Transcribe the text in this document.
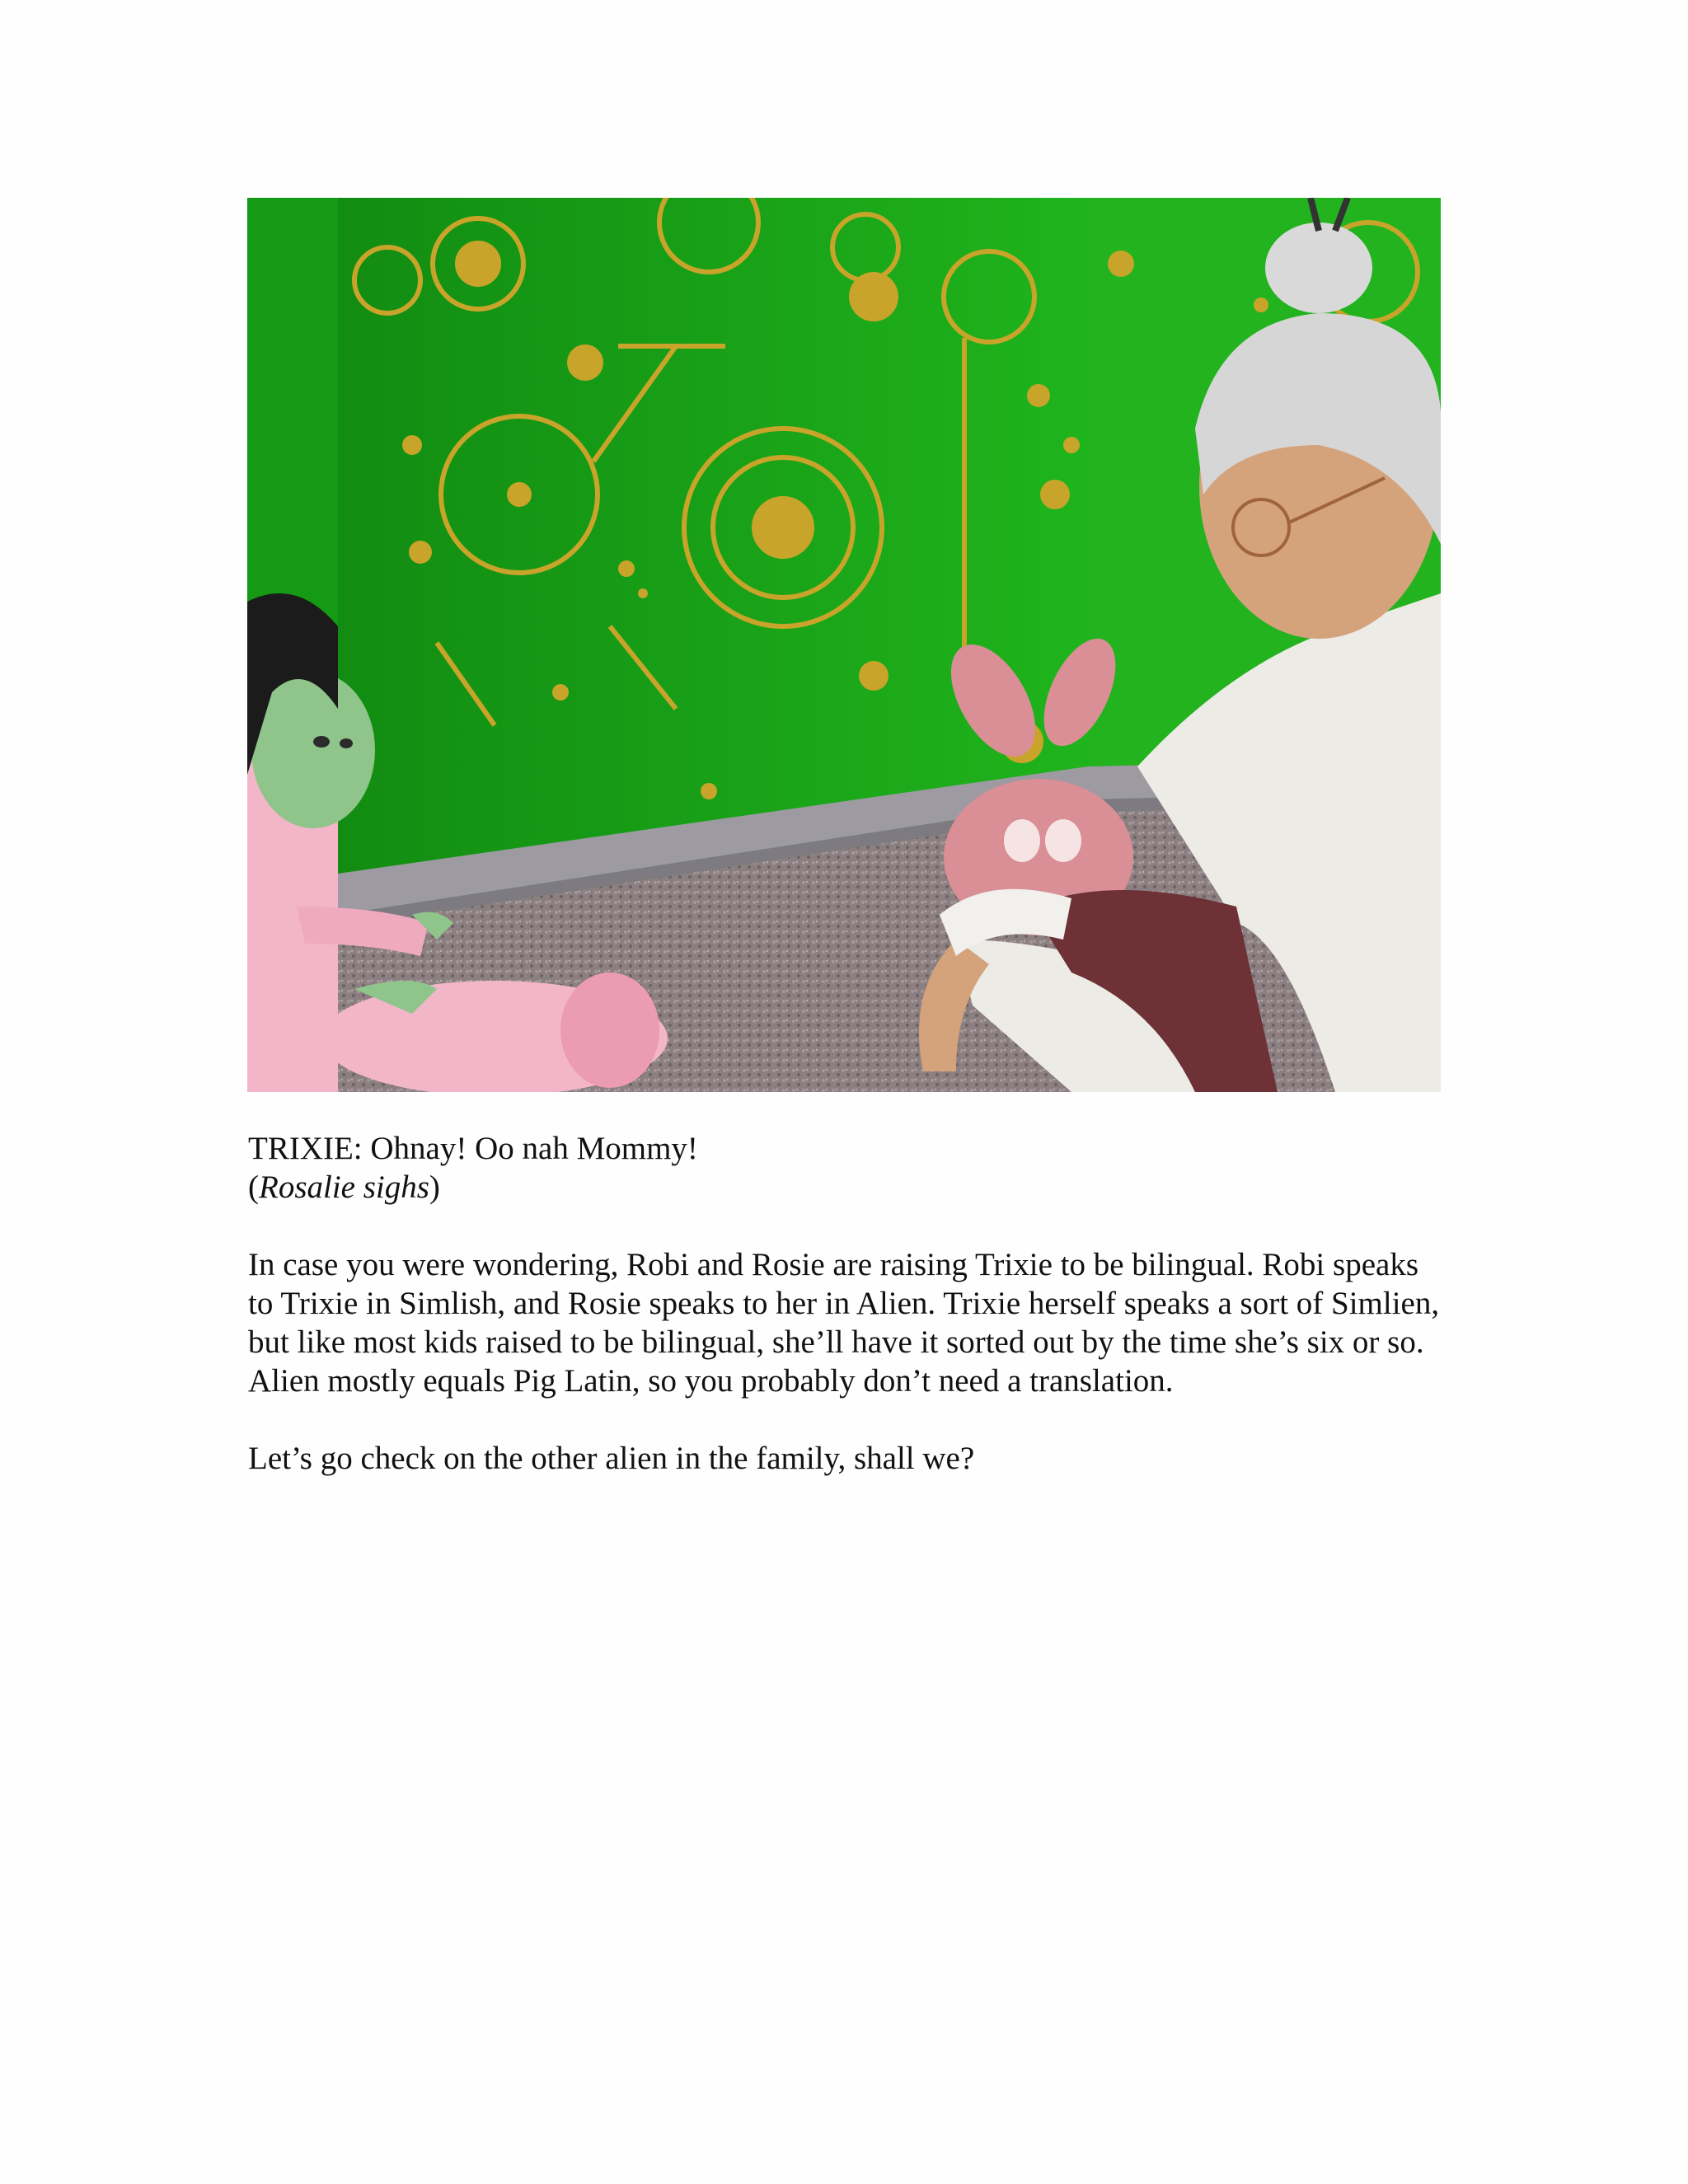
TRIXIE: Ohnay! Oo nah Mommy!

(Rosalie sighs)

In case you were wondering, Robi and Rosie are raising Trixie to be bilingual. Robi speaks to Trixie in Simlish, and Rosie speaks to her in Alien. Trixie herself speaks a sort of Simlien, but like most kids raised to be bilingual, she’ll have it sorted out by the time she’s six or so. Alien mostly equals Pig Latin, so you probably don’t need a translation.

Let’s go check on the other alien in the family, shall we?
